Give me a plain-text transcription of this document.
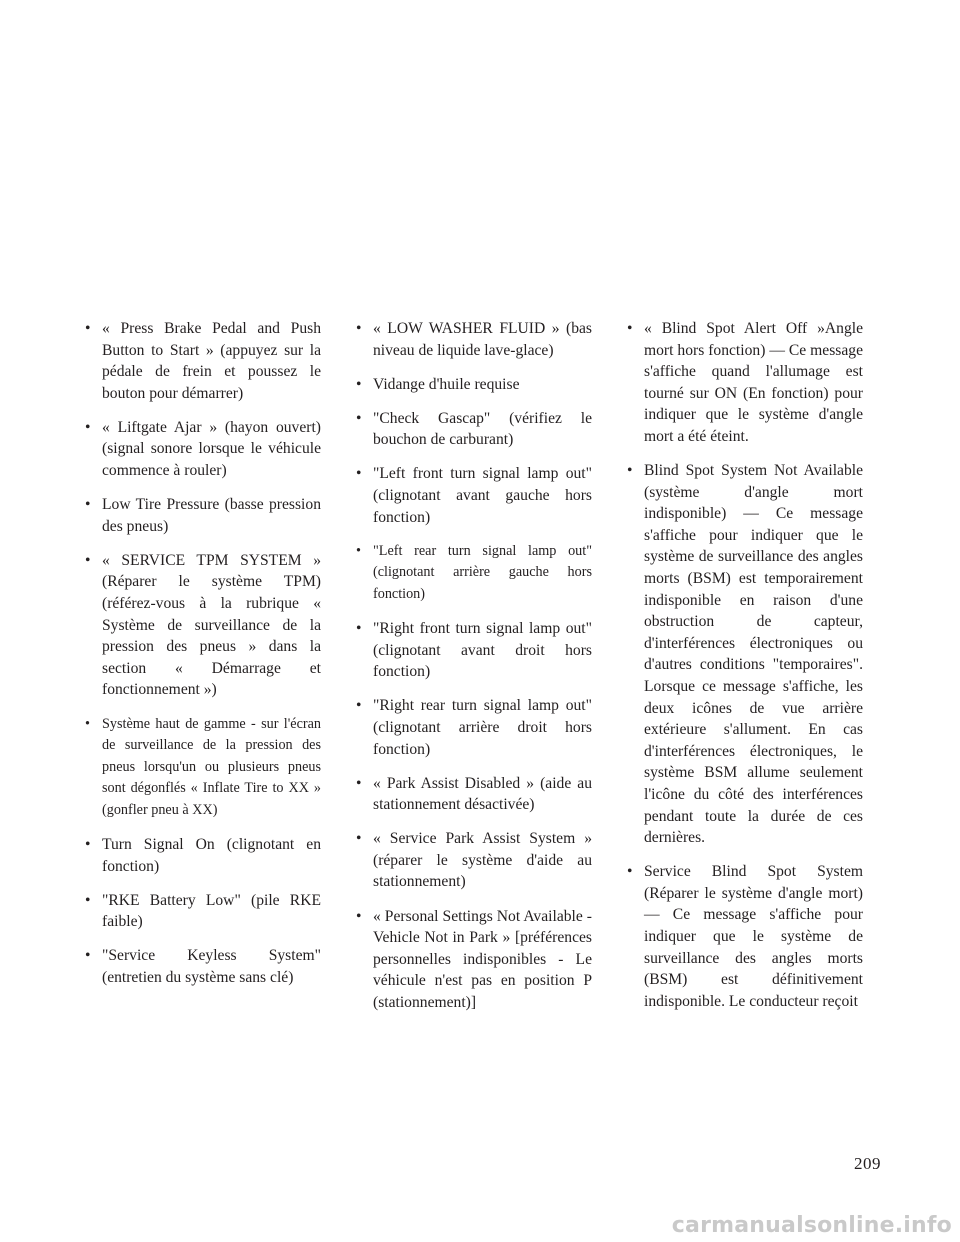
• « Press Brake Pedal and Push Button to Start » (appuyez sur la pédale de frein et poussez le bouton pour démarrer)
• « Liftgate Ajar » (hayon ouvert) (signal sonore lorsque le véhicule commence à rouler)
• Low Tire Pressure (basse pression des pneus)
• « SERVICE TPM SYSTEM » (Réparer le système TPM) (référez-vous à la rubrique « Système de surveillance de la pression des pneus » dans la section « Démarrage et fonctionnement »)
• Système haut de gamme - sur l'écran de surveillance de la pression des pneus lorsqu'un ou plusieurs pneus sont dégonflés « Inflate Tire to XX » (gonfler pneu à XX)
• Turn Signal On (clignotant en fonction)
• "RKE Battery Low" (pile RKE faible)
• "Service Keyless System" (entretien du système sans clé)
• « LOW WASHER FLUID » (bas niveau de liquide lave-glace)
• Vidange d'huile requise
• "Check Gascap" (vérifiez le bouchon de carburant)
• "Left front turn signal lamp out" (clignotant avant gauche hors fonction)
• "Left rear turn signal lamp out" (clignotant arrière gauche hors fonction)
• "Right front turn signal lamp out" (clignotant avant droit hors fonction)
• "Right rear turn signal lamp out" (clignotant arrière droit hors fonction)
• « Park Assist Disabled » (aide au stationnement désactivée)
• « Service Park Assist System » (réparer le système d'aide au stationnement)
• « Personal Settings Not Available - Vehicle Not in Park » [préférences personnelles indisponibles - Le véhicule n'est pas en position P (stationnement)]
• « Blind Spot Alert Off »Angle mort hors fonction) — Ce message s'affiche quand l'allumage est tourné sur ON (En fonction) pour indiquer que le système d'angle mort a été éteint.
• Blind Spot System Not Available (système d'angle mort indisponible) — Ce message s'affiche pour indiquer que le système de surveillance des angles morts (BSM) est temporairement indisponible en raison d'une obstruction de capteur, d'interférences électroniques ou d'autres conditions "temporaires". Lorsque ce message s'affiche, les deux icônes de vue arrière extérieure s'allument. En cas d'interférences électroniques, le système BSM allume seulement l'icône du côté des interférences pendant toute la durée de ces dernières.
• Service Blind Spot System (Réparer le système d'angle mort) — Ce message s'affiche pour indiquer que le système de surveillance des angles morts (BSM) est définitivement indisponible. Le conducteur reçoit
209
carmanualsonline.info
